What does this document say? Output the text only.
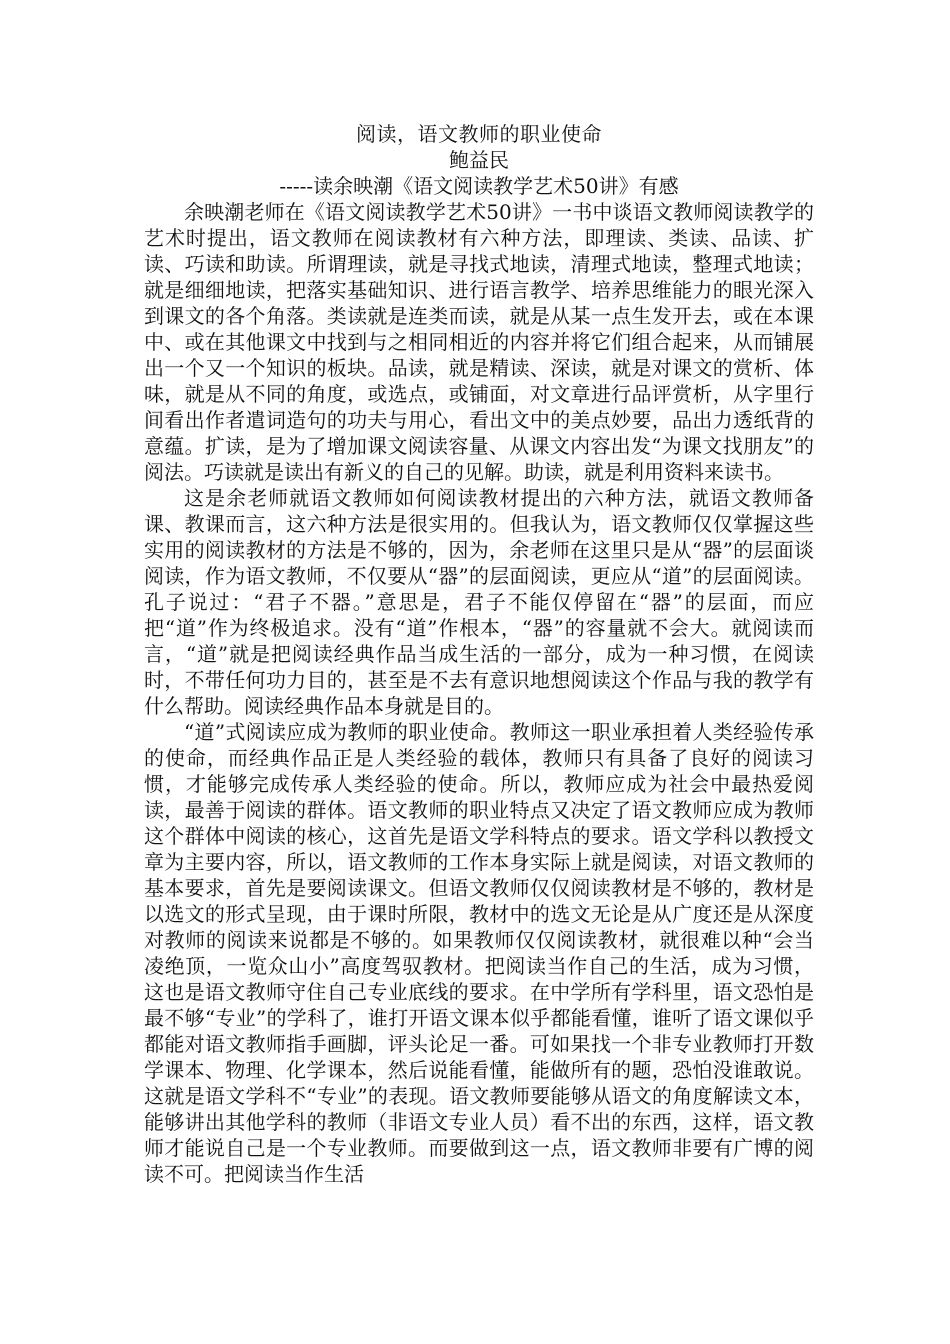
阅读，语文教师的职业使命

鲍益民

-----读余映潮《语文阅读教学艺术50讲》有感

余映潮老师在《语文阅读教学艺术50讲》一书中谈语文教师阅读教学的艺术时提出，语文教师在阅读教材有六种方法，即理读、类读、品读、扩读、巧读和助读。所谓理读，就是寻找式地读，清理式地读，整理式地读；就是细细地读，把落实基础知识、进行语言教学、培养思维能力的眼光深入到课文的各个角落。类读就是连类而读，就是从某一点生发开去，或在本课中、或在其他课文中找到与之相同相近的内容并将它们组合起来，从而铺展出一个又一个知识的板块。品读，就是精读、深读，就是对课文的赏析、体味，就是从不同的角度，或选点，或铺面，对文章进行品评赏析，从字里行间看出作者遣词造句的功夫与用心，看出文中的美点妙要，品出力透纸背的意蕴。扩读，是为了增加课文阅读容量、从课文内容出发“为课文找朋友”的阅法。巧读就是读出有新义的自己的见解。助读，就是利用资料来读书。

这是余老师就语文教师如何阅读教材提出的六种方法，就语文教师备课、教课而言，这六种方法是很实用的。但我认为，语文教师仅仅掌握这些实用的阅读教材的方法是不够的，因为，余老师在这里只是从“器”的层面谈阅读，作为语文教师，不仅要从“器”的层面阅读，更应从“道”的层面阅读。孔子说过：“君子不器。”意思是，君子不能仅停留在“器”的层面，而应把“道”作为终极追求。没有“道”作根本，“器”的容量就不会大。就阅读而言，“道”就是把阅读经典作品当成生活的一部分，成为一种习惯，在阅读时，不带任何功力目的，甚至是不去有意识地想阅读这个作品与我的教学有什么帮助。阅读经典作品本身就是目的。

“道”式阅读应成为教师的职业使命。教师这一职业承担着人类经验传承的使命，而经典作品正是人类经验的载体，教师只有具备了良好的阅读习惯，才能够完成传承人类经验的使命。所以，教师应成为社会中最热爱阅读，最善于阅读的群体。语文教师的职业特点又决定了语文教师应成为教师这个群体中阅读的核心，这首先是语文学科特点的要求。语文学科以教授文章为主要内容，所以，语文教师的工作本身实际上就是阅读，对语文教师的基本要求，首先是要阅读课文。但语文教师仅仅阅读教材是不够的，教材是以选文的形式呈现，由于课时所限，教材中的选文无论是从广度还是从深度对教师的阅读来说都是不够的。如果教师仅仅阅读教材，就很难以种“会当凌绝顶，一览众山小”高度驾驭教材。把阅读当作自己的生活，成为习惯，这也是语文教师守住自己专业底线的要求。在中学所有学科里，语文恐怕是最不够“专业”的学科了，谁打开语文课本似乎都能看懂，谁听了语文课似乎都能对语文教师指手画脚，评头论足一番。可如果找一个非专业教师打开数学课本、物理、化学课本，然后说能看懂，能做所有的题，恐怕没谁敢说。这就是语文学科不“专业”的表现。语文教师要能够从语文的角度解读文本，能够讲出其他学科的教师（非语文专业人员）看不出的东西，这样，语文教师才能说自己是一个专业教师。而要做到这一点，语文教师非要有广博的阅读不可。把阅读当作生活
